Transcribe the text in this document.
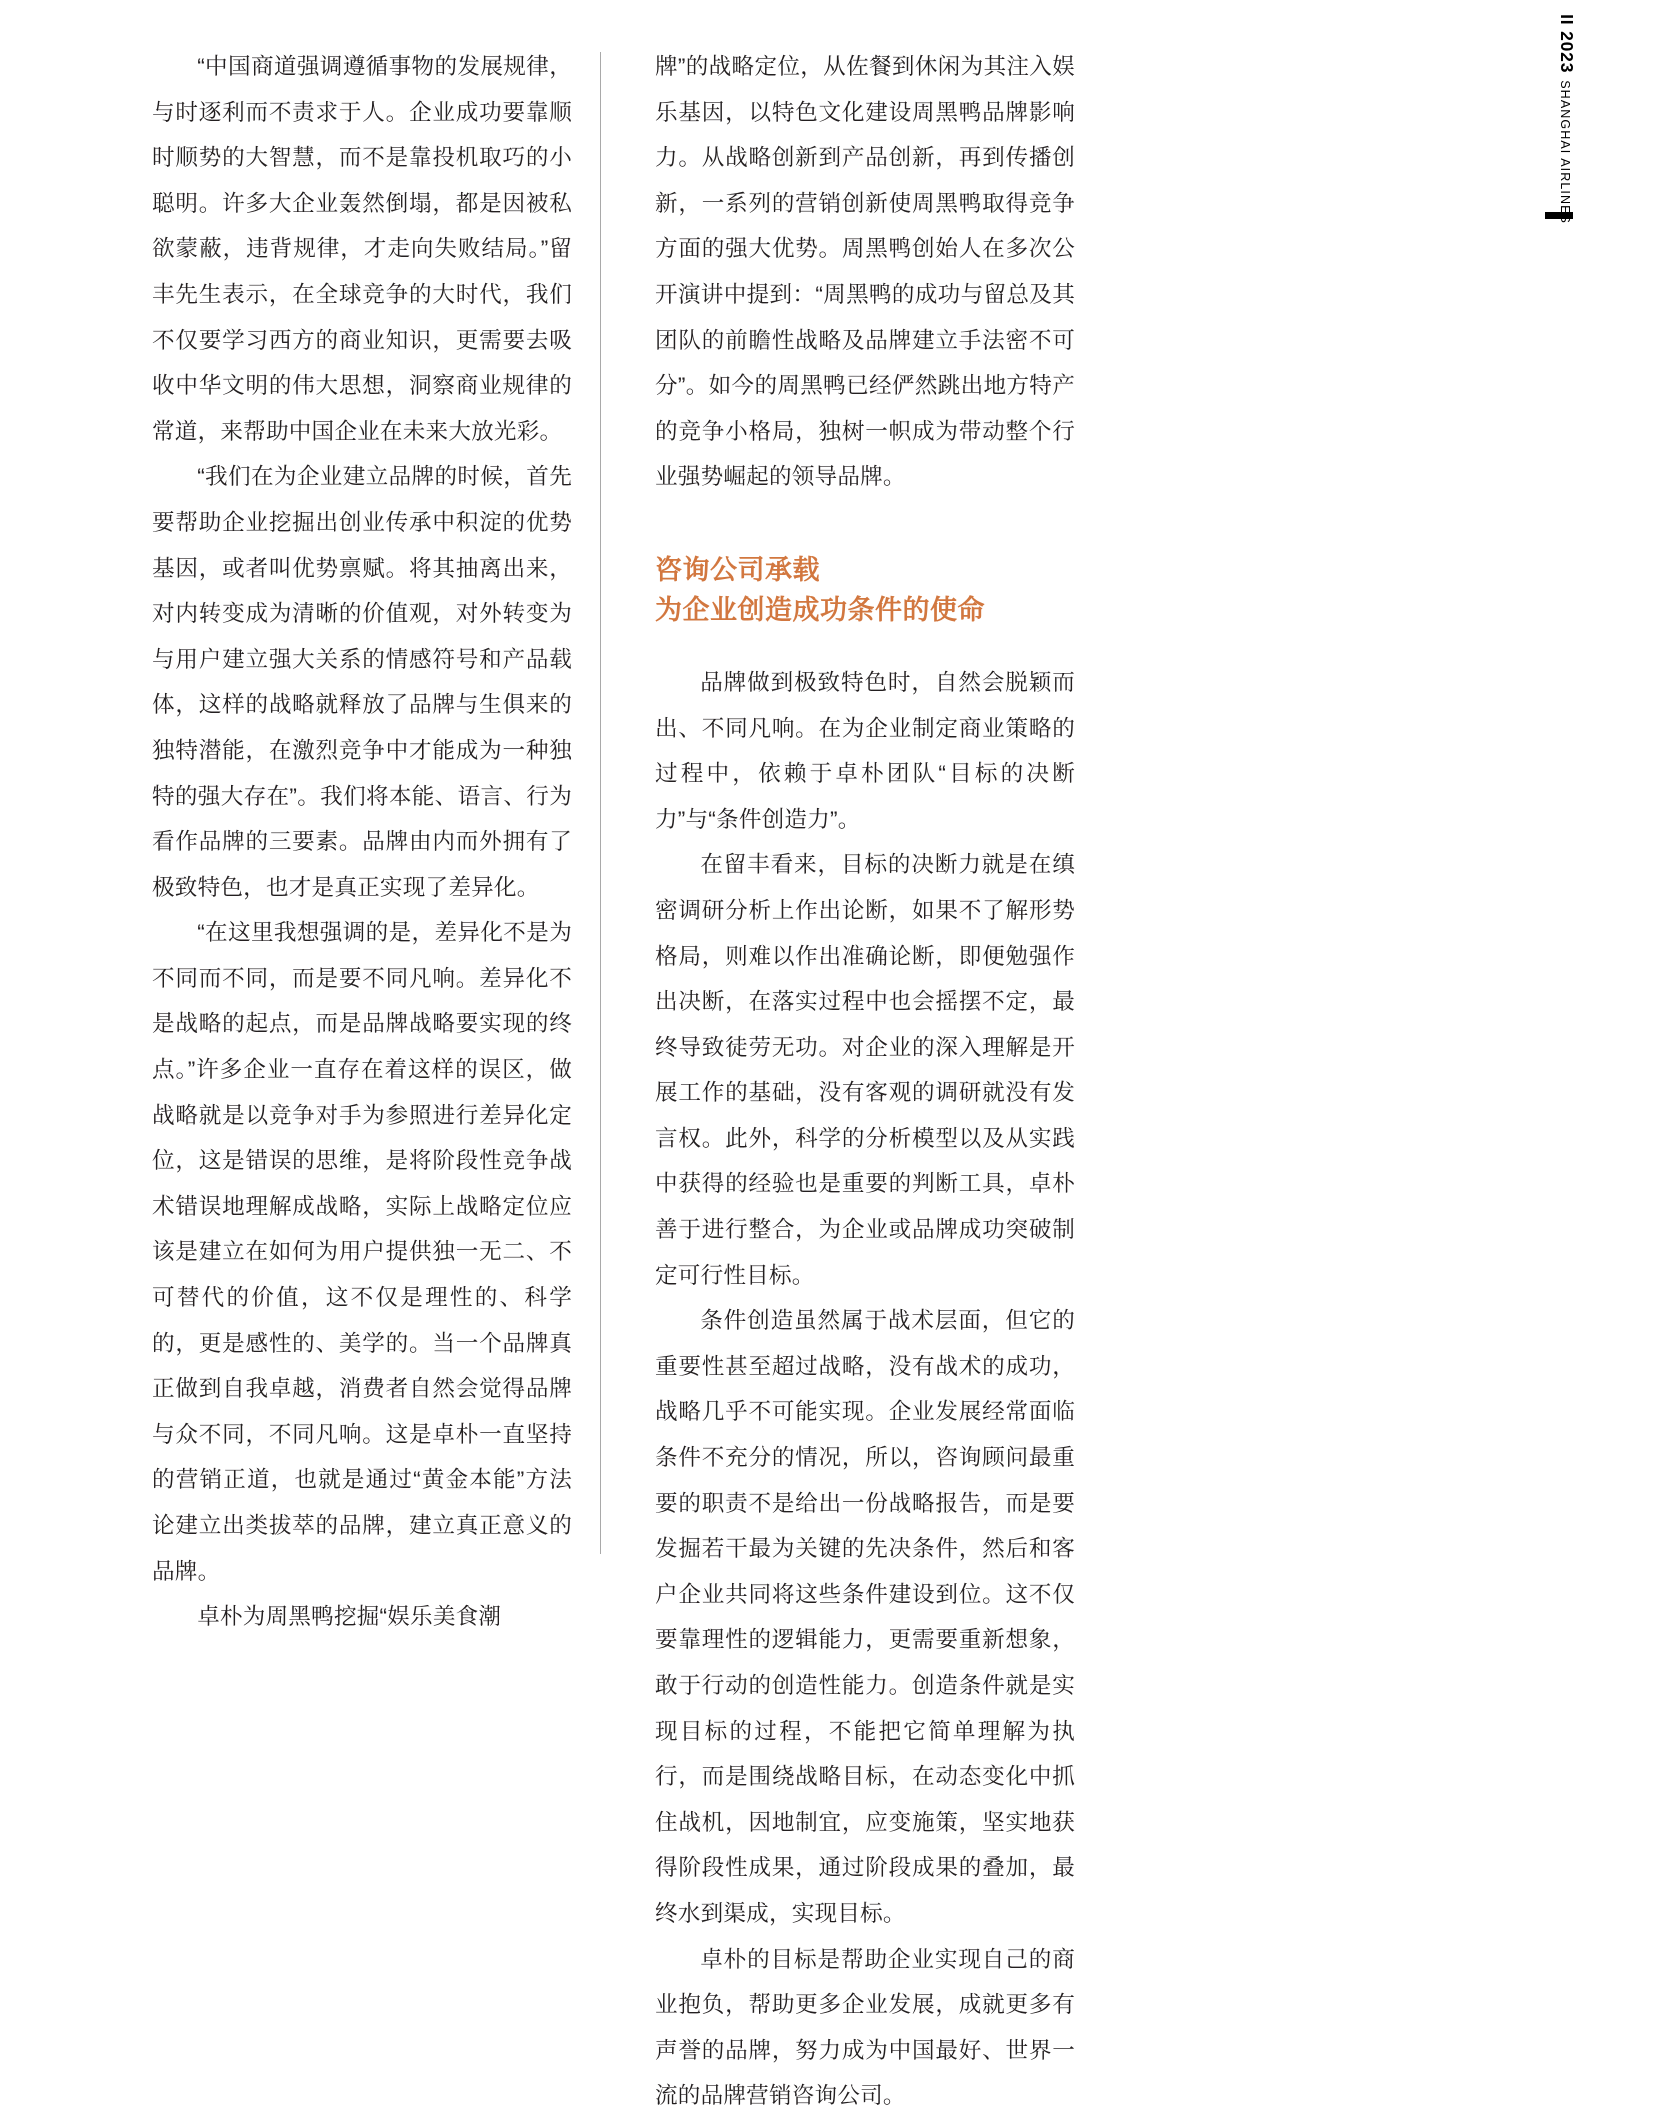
“中国商道强调遵循事物的发展规律，与时逐利而不责求于人。企业成功要靠顺时顺势的大智慧，而不是靠投机取巧的小聪明。许多大企业轰然倒塌，都是因被私欲蒙蔽，违背规律，才走向失败结局。”留丰先生表示，在全球竞争的大时代，我们不仅要学习西方的商业知识，更需要去吸收中华文明的伟大思想，洞察商业规律的常道，来帮助中国企业在未来大放光彩。

“我们在为企业建立品牌的时候，首先要帮助企业挖掘出创业传承中积淀的优势基因，或者叫优势禀赋。将其抽离出来，对内转变成为清晰的价值观，对外转变为与用户建立强大关系的情感符号和产品载体，这样的战略就释放了品牌与生俱来的独特潜能，在激烈竞争中才能成为一种独特的强大存在”。我们将本能、语言、行为看作品牌的三要素。品牌由内而外拥有了极致特色，也才是真正实现了差异化。

“在这里我想强调的是，差异化不是为不同而不同，而是要不同凡响。差异化不是战略的起点，而是品牌战略要实现的终点。”许多企业一直存在着这样的误区，做战略就是以竞争对手为参照进行差异化定位，这是错误的思维，是将阶段性竞争战术错误地理解成战略，实际上战略定位应该是建立在如何为用户提供独一无二、不可替代的价值，这不仅是理性的、科学的，更是感性的、美学的。当一个品牌真正做到自我卓越，消费者自然会觉得品牌与众不同，不同凡响。这是卓朴一直坚持的营销正道，也就是通过“黄金本能”方法论建立出类拔萃的品牌，建立真正意义的品牌。

卓朴为周黑鸭挖掘“娱乐美食潮

牌”的战略定位，从佐餐到休闲为其注入娱乐基因，以特色文化建设周黑鸭品牌影响力。从战略创新到产品创新，再到传播创新，一系列的营销创新使周黑鸭取得竞争方面的强大优势。周黑鸭创始人在多次公开演讲中提到：“周黑鸭的成功与留总及其团队的前瞻性战略及品牌建立手法密不可分”。如今的周黑鸭已经俨然跳出地方特产的竞争小格局，独树一帜成为带动整个行业强势崛起的领导品牌。

咨询公司承载
为企业创造成功条件的使命

品牌做到极致特色时，自然会脱颖而出、不同凡响。在为企业制定商业策略的过程中，依赖于卓朴团队“目标的决断力”与“条件创造力”。

在留丰看来，目标的决断力就是在缜密调研分析上作出论断，如果不了解形势格局，则难以作出准确论断，即便勉强作出决断，在落实过程中也会摇摆不定，最终导致徒劳无功。对企业的深入理解是开展工作的基础，没有客观的调研就没有发言权。此外，科学的分析模型以及从实践中获得的经验也是重要的判断工具，卓朴善于进行整合，为企业或品牌成功突破制定可行性目标。

条件创造虽然属于战术层面，但它的重要性甚至超过战略，没有战术的成功，战略几乎不可能实现。企业发展经常面临条件不充分的情况，所以，咨询顾问最重要的职责不是给出一份战略报告，而是要发掘若干最为关键的先决条件，然后和客户企业共同将这些条件建设到位。这不仅要靠理性的逻辑能力，更需要重新想象，敢于行动的创造性能力。创造条件就是实现目标的过程，不能把它简单理解为执行，而是围绕战略目标，在动态变化中抓住战机，因地制宜，应变施策，坚实地获得阶段性成果，通过阶段成果的叠加，最终水到渠成，实现目标。

卓朴的目标是帮助企业实现自己的商业抱负，帮助更多企业发展，成就更多有声誉的品牌，努力成为中国最好、世界一流的品牌营销咨询公司。

II 2023
SHANGHAI AIRLINES
